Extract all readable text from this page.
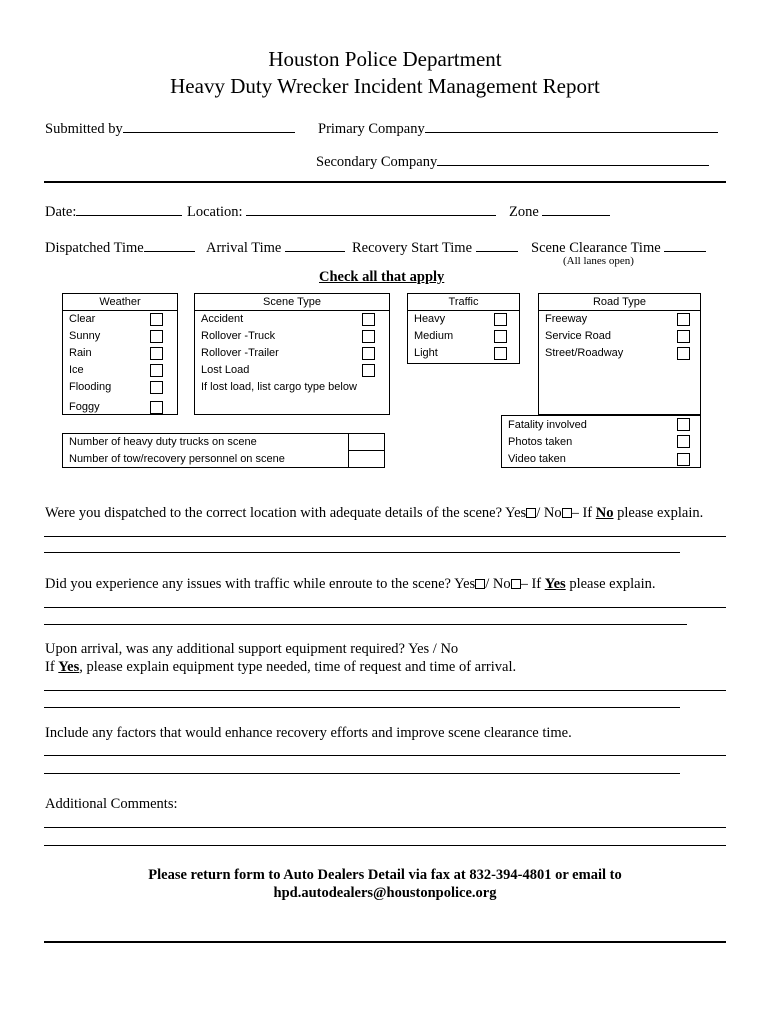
Houston Police Department
Heavy Duty Wrecker Incident Management Report
Submitted by	Primary Company
Secondary Company
Date:	Location:	Zone
Dispatched Time	Arrival Time	Recovery Start Time	Scene Clearance Time
(All lanes open)
Check all that apply
Weather
Clear
Sunny
Rain
Ice
Flooding
Foggy
Scene Type
Accident
Rollover -Truck
Rollover -Trailer
Lost Load
If lost load, list cargo type below
Traffic
Heavy
Medium
Light
Road Type
Freeway
Service Road
Street/Roadway
Fatality involved
Photos taken
Video taken
Number of heavy duty trucks on scene
Number of tow/recovery personnel on scene
Were you dispatched to the correct location with adequate details of the scene? Yes / No – If No please explain.
Did you experience any issues with traffic while enroute to the scene? Yes / No – If Yes please explain.
Upon arrival, was any additional support equipment required? Yes / No
If Yes, please explain equipment type needed, time of request and time of arrival.
Include any factors that would enhance recovery efforts and improve scene clearance time.
Additional Comments:
Please return form to Auto Dealers Detail via fax at 832-394-4801 or email to
hpd.autodealers@houstonpolice.org
